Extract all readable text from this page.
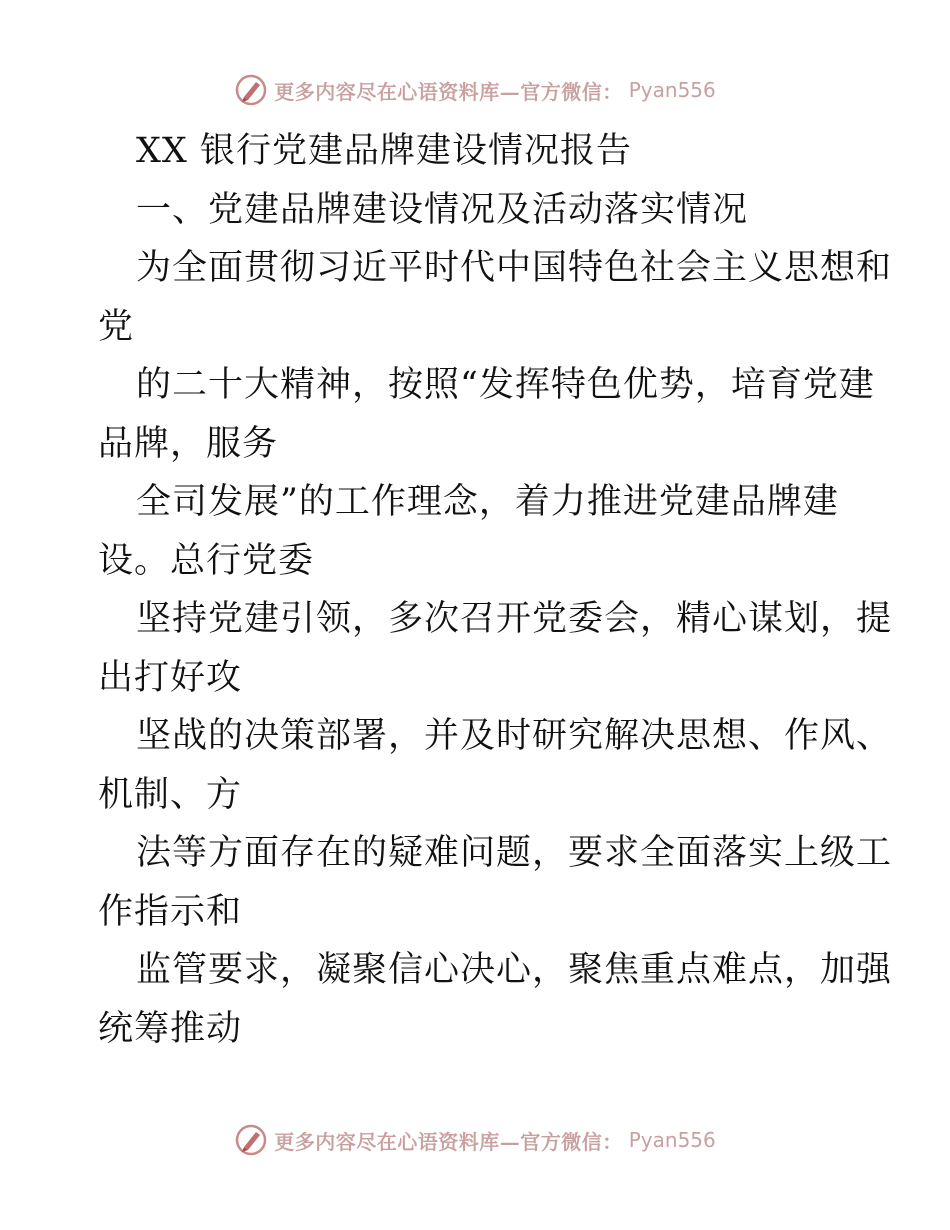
更多内容尽在心语资料库—官方微信： Pyan556
XX 银行党建品牌建设情况报告
一、党建品牌建设情况及活动落实情况
为全面贯彻习近平时代中国特色社会主义思想和
党
的二十大精神，按照“发挥特色优势，培育党建
品牌，服务
全司发展”的工作理念，着力推进党建品牌建
设。总行党委
坚持党建引领，多次召开党委会，精心谋划，提
出打好攻
坚战的决策部署，并及时研究解决思想、作风、
机制、方
法等方面存在的疑难问题，要求全面落实上级工
作指示和
监管要求，凝聚信心决心，聚焦重点难点，加强
统筹推动
更多内容尽在心语资料库—官方微信： Pyan556
